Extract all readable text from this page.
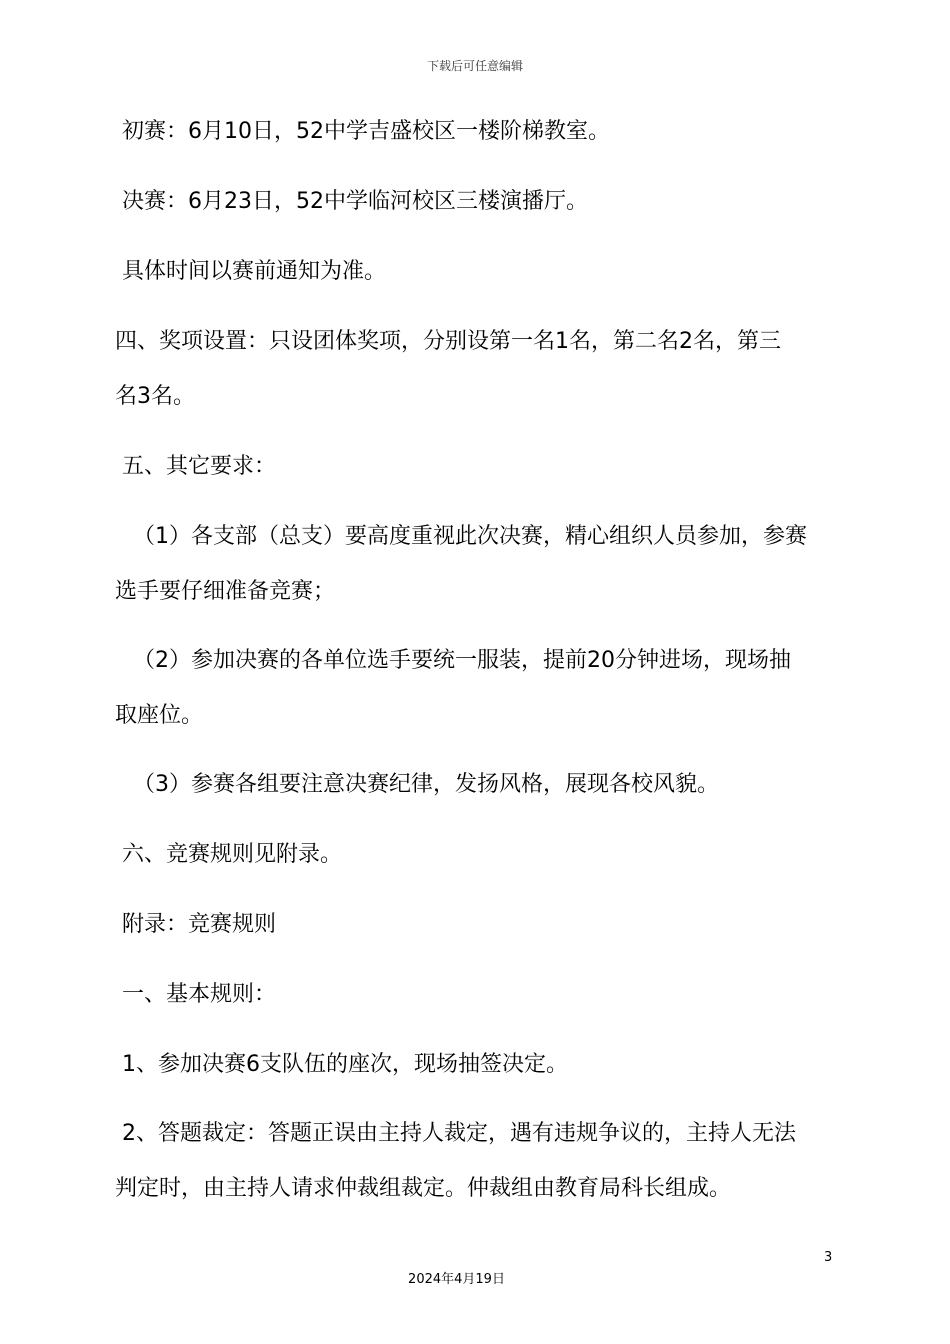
下载后可任意编辑
初赛：6月10日，52中学吉盛校区一楼阶梯教室。
决赛：6月23日，52中学临河校区三楼演播厅。
具体时间以赛前通知为准。
四、奖项设置：只设团体奖项，分别设第一名1名，第二名2名，第三
名3名。
五、其它要求：
（1）各支部（总支）要高度重视此次决赛，精心组织人员参加，参赛
选手要仔细准备竞赛；
（2）参加决赛的各单位选手要统一服装，提前20分钟进场，现场抽
取座位。
（3）参赛各组要注意决赛纪律，发扬风格，展现各校风貌。
六、竞赛规则见附录。
附录：竞赛规则
一、基本规则：
1、参加决赛6支队伍的座次，现场抽签决定。
2、答题裁定：答题正误由主持人裁定，遇有违规争议的，主持人无法
判定时，由主持人请求仲裁组裁定。仲裁组由教育局科长组成。
3
2024年4月19日
